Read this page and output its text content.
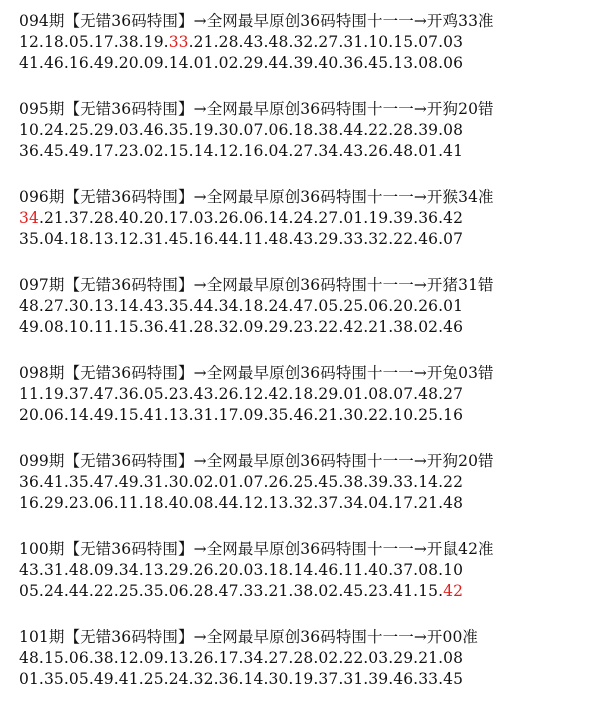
094期【无错36码特围】→全网最早原创36码特围十一一→开鸡33准
12.18.05.17.38.19.33.21.28.43.48.32.27.31.10.15.07.03
41.46.16.49.20.09.14.01.02.29.44.39.40.36.45.13.08.06
095期【无错36码特围】→全网最早原创36码特围十一一→开狗20错
10.24.25.29.03.46.35.19.30.07.06.18.38.44.22.28.39.08
36.45.49.17.23.02.15.14.12.16.04.27.34.43.26.48.01.41
096期【无错36码特围】→全网最早原创36码特围十一一→开猴34准
34.21.37.28.40.20.17.03.26.06.14.24.27.01.19.39.36.42
35.04.18.13.12.31.45.16.44.11.48.43.29.33.32.22.46.07
097期【无错36码特围】→全网最早原创36码特围十一一→开猪31错
48.27.30.13.14.43.35.44.34.18.24.47.05.25.06.20.26.01
49.08.10.11.15.36.41.28.32.09.29.23.22.42.21.38.02.46
098期【无错36码特围】→全网最早原创36码特围十一一→开兔03错
11.19.37.47.36.05.23.43.26.12.42.18.29.01.08.07.48.27
20.06.14.49.15.41.13.31.17.09.35.46.21.30.22.10.25.16
099期【无错36码特围】→全网最早原创36码特围十一一→开狗20错
36.41.35.47.49.31.30.02.01.07.26.25.45.38.39.33.14.22
16.29.23.06.11.18.40.08.44.12.13.32.37.34.04.17.21.48
100期【无错36码特围】→全网最早原创36码特围十一一→开鼠42准
43.31.48.09.34.13.29.26.20.03.18.14.46.11.40.37.08.10
05.24.44.22.25.35.06.28.47.33.21.38.02.45.23.41.15.42
101期【无错36码特围】→全网最早原创36码特围十一一→开00准
48.15.06.38.12.09.13.26.17.34.27.28.02.22.03.29.21.08
01.35.05.49.41.25.24.32.36.14.30.19.37.31.39.46.33.45
